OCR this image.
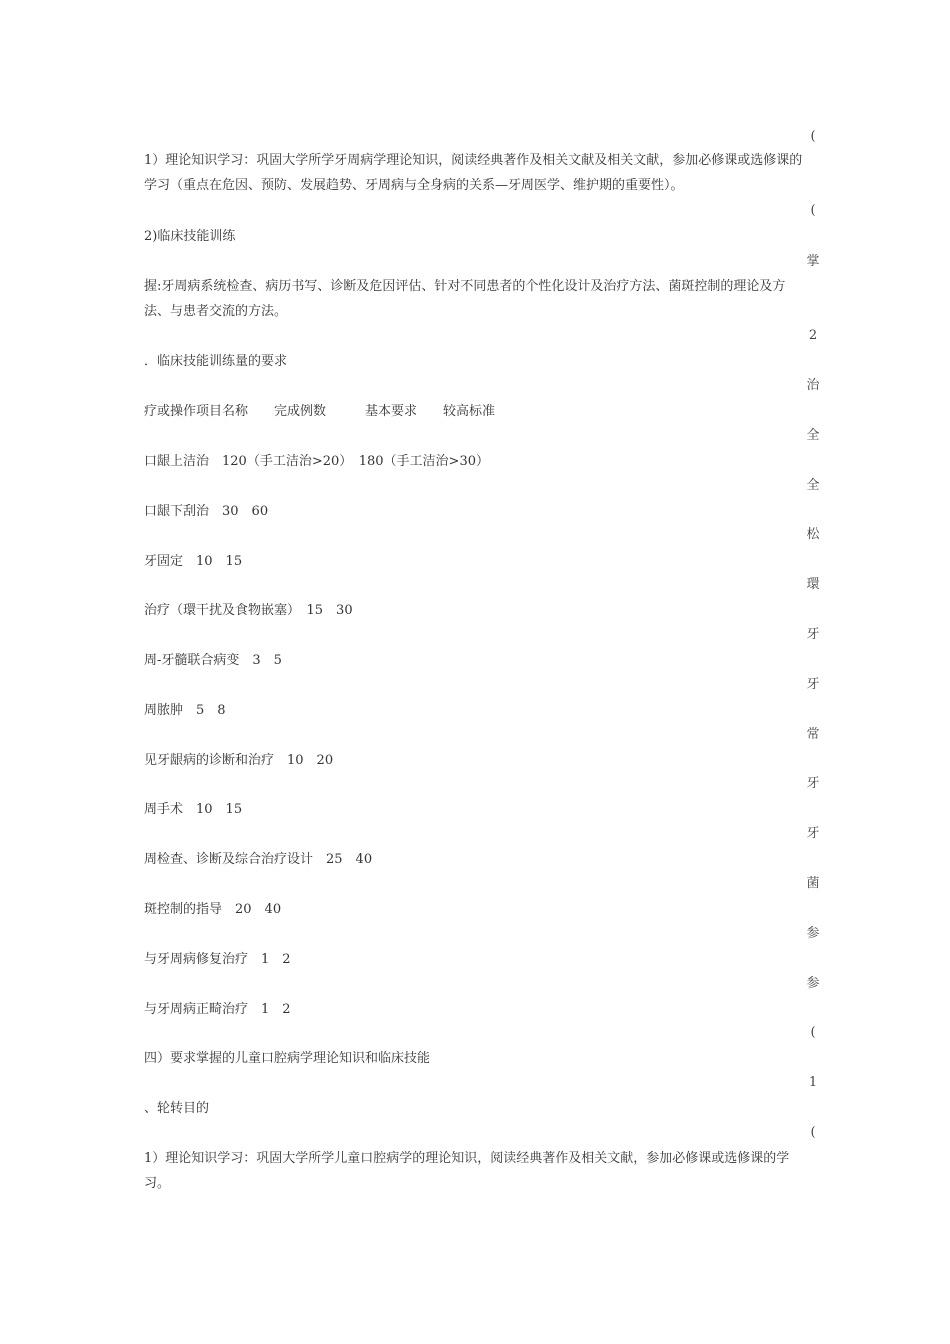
1）理论知识学习：巩固大学所学牙周病学理论知识，阅读经典著作及相关文献及相关文献，参加必修课或选修课的学习（重点在危因、预防、发展趋势、牙周病与全身病的关系—牙周医学、维护期的重要性）。
2)临床技能训练
握:牙周病系统检查、病历书写、诊断及危因评估、针对不同患者的个性化设计及治疗方法、菌斑控制的理论及方法、与患者交流的方法。
．临床技能训练量的要求
疗或操作项目名称　　完成例数　　　基本要求　　较高标准
口龈上洁治　120（手工洁治>20）　180（手工洁治>30）
口龈下刮治　30　60
牙固定　10　15
治疗（環干扰及食物嵌塞）　15　30
周-牙髓联合病变　3　5
周脓肿　5　8
见牙龈病的诊断和治疗　10　20
周手术　10　15
周检查、诊断及综合治疗设计　25　40
斑控制的指导　20　40
与牙周病修复治疗　1　2
与牙周病正畸治疗　1　2
四）要求掌握的儿童口腔病学理论知识和临床技能
、轮转目的
1）理论知识学习：巩固大学所学儿童口腔病学的理论知识，阅读经典著作及相关文献，参加必修课或选修课的学习。
(
(
掌
2
治
全
全
松
環
牙
牙
常
牙
牙
菌
参
参
(
1
(
